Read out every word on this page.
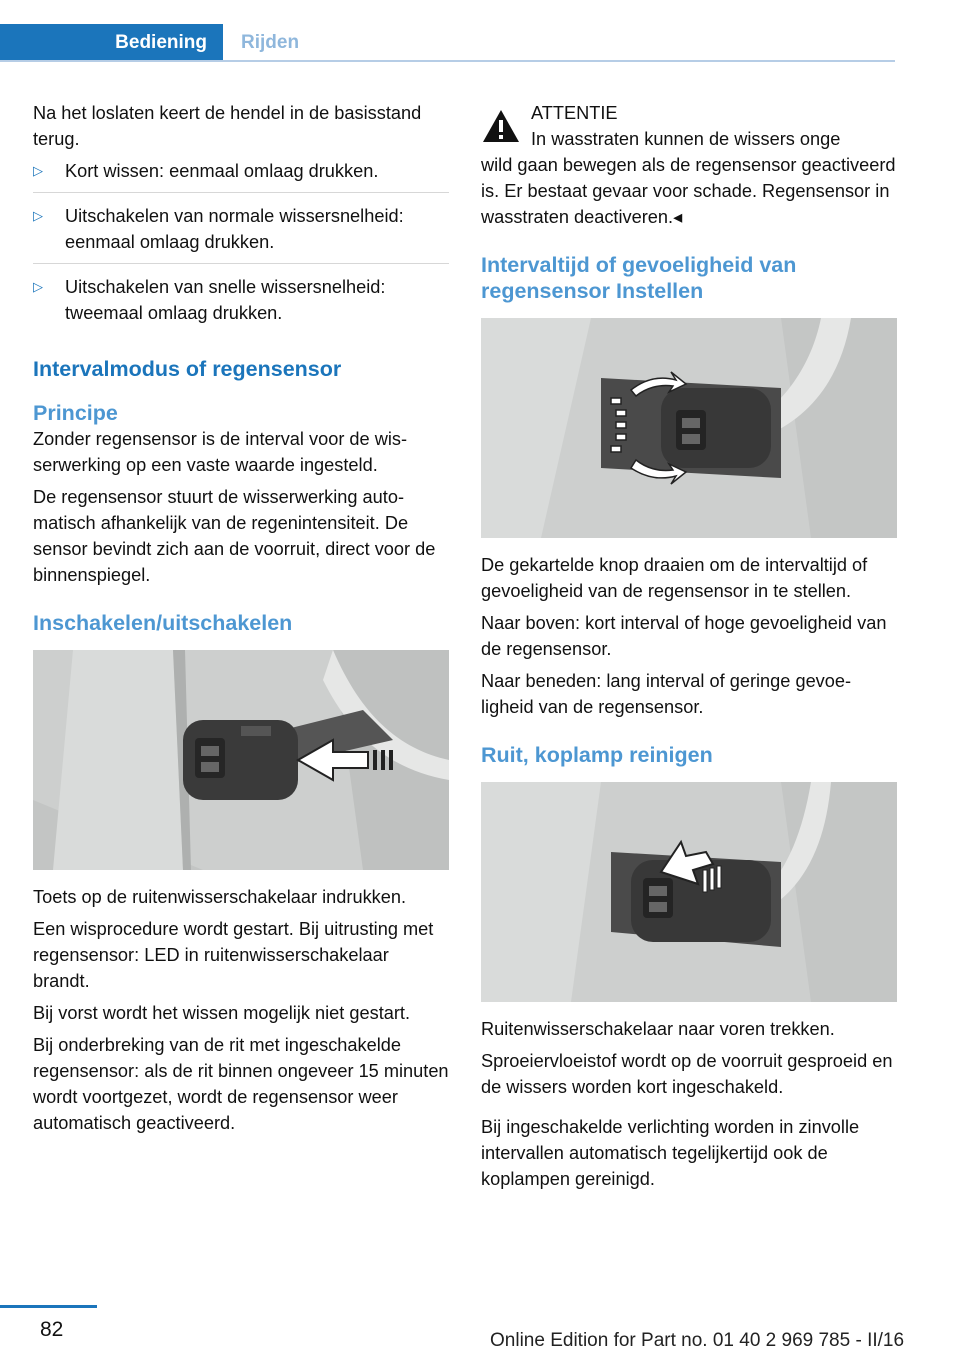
Bediening	Rijden

Na het loslaten keert de hendel in de basisstand terug.

▷ Kort wissen: eenmaal omlaag drukken.
▷ Uitschakelen van normale wissersnelheid: eenmaal omlaag drukken.
▷ Uitschakelen van snelle wissersnelheid: tweemaal omlaag drukken.
Intervalmodus of regensensor
Principe

Zonder regensensor is de interval voor de wisserwerking op een vaste waarde ingesteld.

De regensensor stuurt de wisserwerking automatisch afhankelijk van de regenintensiteit. De sensor bevindt zich aan de voorruit, direct voor de binnenspiegel.

Inschakelen/uitschakelen

Toets op de ruitenwisserschakelaar indrukken.

Een wisprocedure wordt gestart. Bij uitrusting met regensensor: LED in ruitenwisserschakelaar brandt.

Bij vorst wordt het wissen mogelijk niet gestart.

Bij onderbreking van de rit met ingeschakelde regensensor: als de rit binnen ongeveer 15 minuten wordt voortgezet, wordt de regensensor weer automatisch geactiveerd.

ATTENTIE
In wasstraten kunnen de wissers onge
wild gaan bewegen als de regensensor geactiveerd is. Er bestaat gevaar voor schade. Regensensor in wasstraten deactiveren.◂
Intervaltijd of gevoeligheid van regensensor Instellen

De gekartelde knop draaien om de intervaltijd of gevoeligheid van de regensensor in te stellen.

Naar boven: kort interval of hoge gevoeligheid van de regensensor.

Naar beneden: lang interval of geringe gevoeligheid van de regensensor.

Ruit, koplamp reinigen

Ruitenwisserschakelaar naar voren trekken.

Sproeiervloeistof wordt op de voorruit gesproeid en de wissers worden kort ingeschakeld.

Bij ingeschakelde verlichting worden in zinvolle intervallen automatisch tegelijkertijd ook de koplampen gereinigd.

82	Online Edition for Part no. 01 40 2 969 785 - II/16
